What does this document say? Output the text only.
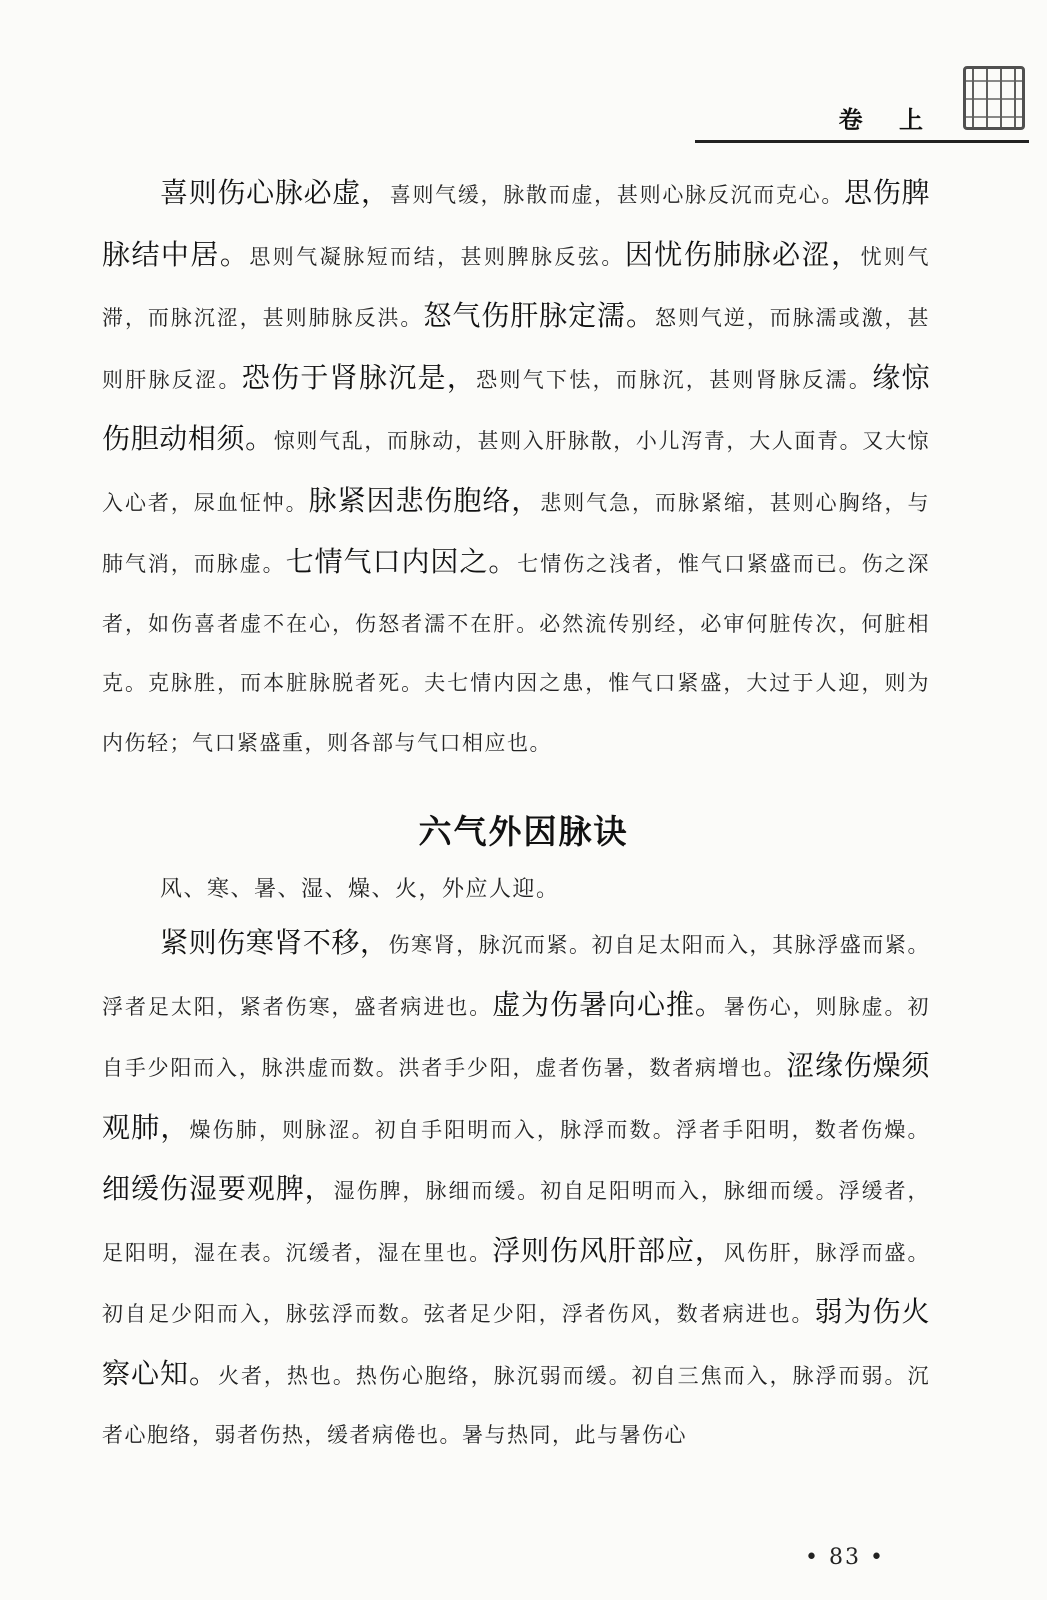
卷 上

喜则伤心脉必虚，喜则气缓，脉散而虚，甚则心脉反沉而克心。思伤脾脉结中居。思则气凝脉短而结，甚则脾脉反弦。因忧伤肺脉必涩，忧则气滞，而脉沉涩，甚则肺脉反洪。怒气伤肝脉定濡。怒则气逆，而脉濡或激，甚则肝脉反涩。恐伤于肾脉沉是，恐则气下怯，而脉沉，甚则肾脉反濡。缘惊伤胆动相须。惊则气乱，而脉动，甚则入肝脉散，小儿泻青，大人面青。又大惊入心者，尿血怔忡。脉紧因悲伤胞络，悲则气急，而脉紧缩，甚则心胸络，与肺气消，而脉虚。七情气口内因之。七情伤之浅者，惟气口紧盛而已。伤之深者，如伤喜者虚不在心，伤怒者濡不在肝。必然流传别经，必审何脏传次，何脏相克。克脉胜，而本脏脉脱者死。夫七情内因之患，惟气口紧盛，大过于人迎，则为内伤轻；气口紧盛重，则各部与气口相应也。

六气外因脉诀

风、寒、暑、湿、燥、火，外应人迎。

紧则伤寒肾不移，伤寒肾，脉沉而紧。初自足太阳而入，其脉浮盛而紧。浮者足太阳，紧者伤寒，盛者病进也。虚为伤暑向心推。暑伤心，则脉虚。初自手少阳而入，脉洪虚而数。洪者手少阳，虚者伤暑，数者病增也。涩缘伤燥须观肺，燥伤肺，则脉涩。初自手阳明而入，脉浮而数。浮者手阳明，数者伤燥。细缓伤湿要观脾，湿伤脾，脉细而缓。初自足阳明而入，脉细而缓。浮缓者，足阳明，湿在表。沉缓者，湿在里也。浮则伤风肝部应，风伤肝，脉浮而盛。初自足少阳而入，脉弦浮而数。弦者足少阳，浮者伤风，数者病进也。弱为伤火察心知。火者，热也。热伤心胞络，脉沉弱而缓。初自三焦而入，脉浮而弱。沉者心胞络，弱者伤热，缓者病倦也。暑与热同，此与暑伤心

• 83 •
